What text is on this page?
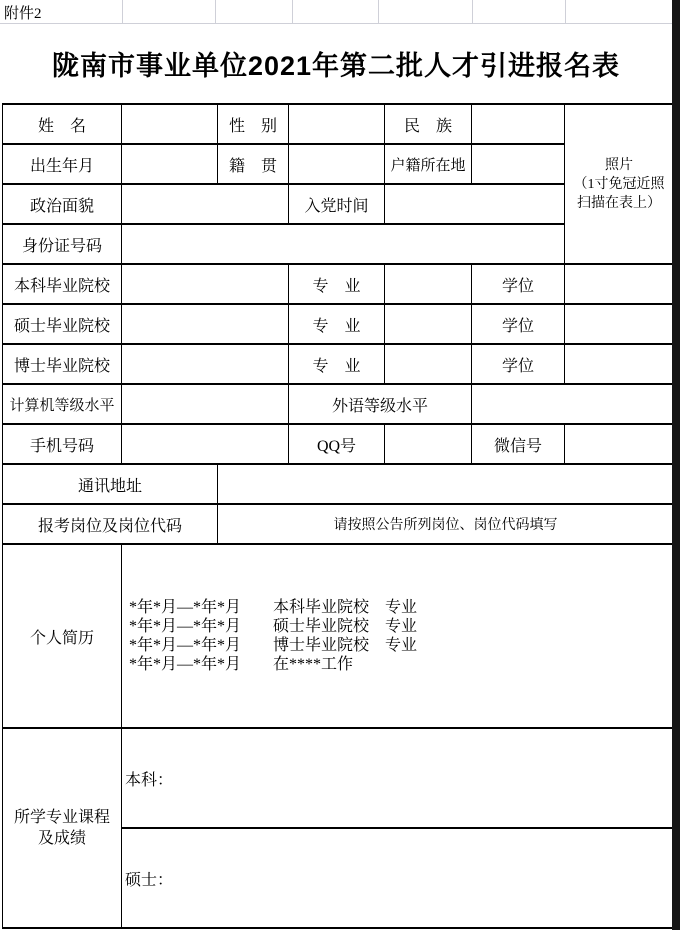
附件2
陇南市事业单位2021年第二批人才引进报名表
姓　名		性　别		民　族		照片
（1寸免冠近照
扫描在表上）

出生年月		籍　贯		户籍所在地		
政治面貌			入党时间			
身份证号码						
本科毕业院校			专　业		学位	
硕士毕业院校			专　业		学位	
博士毕业院校			专　业		学位	
计算机等级水平			外语等级水平			
手机号码			QQ号		微信号	
通讯地址						
报考岗位及岗位代码		请按照公告所列岗位、岗位代码填写				
个人简历	*年*月—*年*月　　本科毕业院校　专业
*年*月—*年*月　　硕士毕业院校　专业
*年*月—*年*月　　博士毕业院校　专业
*年*月—*年*月　　在****工作					

所学专业课程
及成绩	本科：					
	硕士：					
